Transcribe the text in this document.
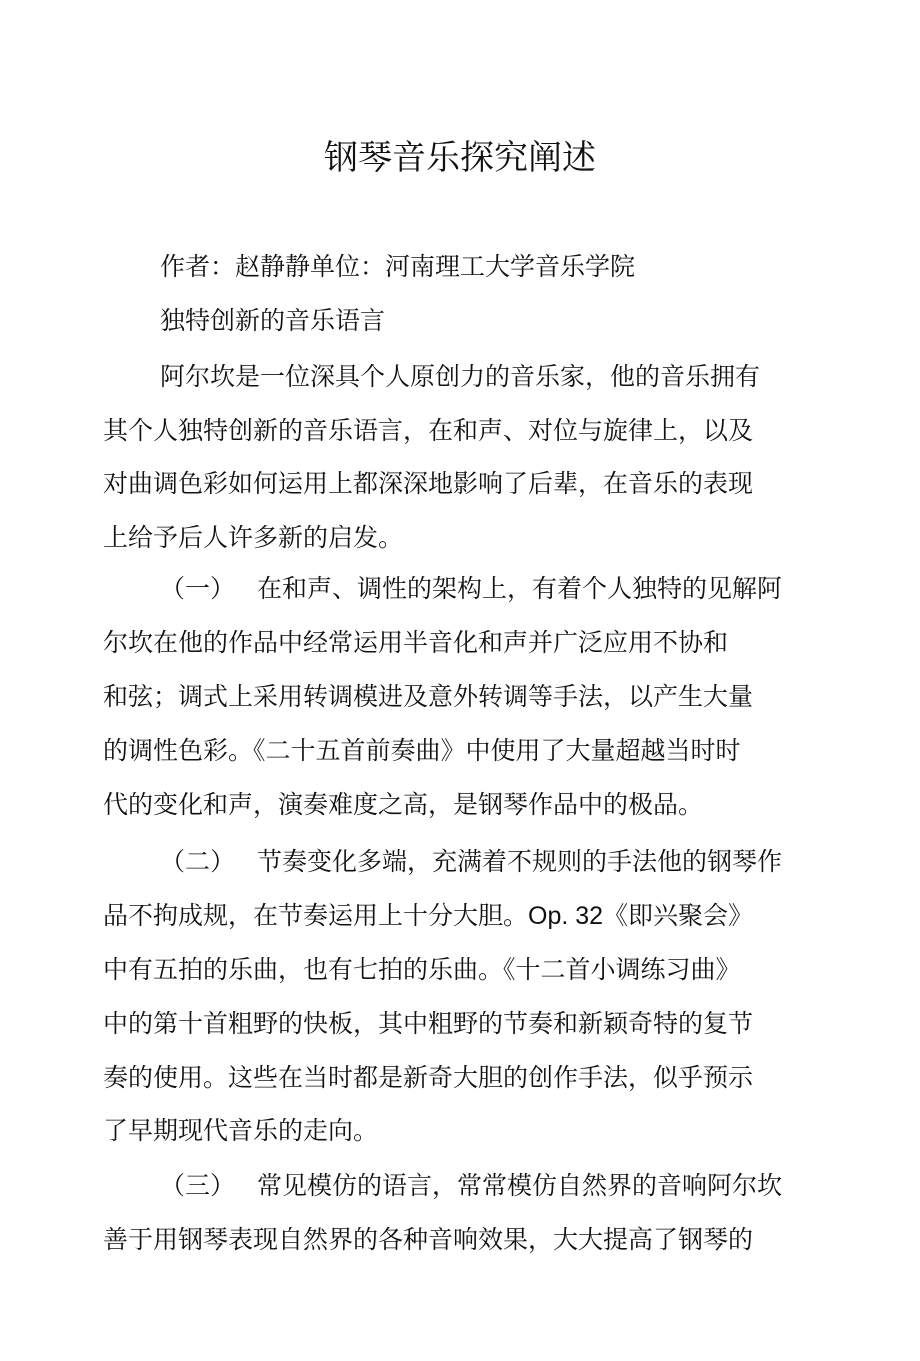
钢琴音乐探究阐述
作者：赵静静单位：河南理工大学音乐学院
独特创新的音乐语言
阿尔坎是一位深具个人原创力的音乐家，他的音乐拥有
其个人独特创新的音乐语言，在和声、对位与旋律上，以及
对曲调色彩如何运用上都深深地影响了后辈，在音乐的表现
上给予后人许多新的启发。
（一） 在和声、调性的架构上，有着个人独特的见解阿
尔坎在他的作品中经常运用半音化和声并广泛应用不协和
和弦；调式上采用转调模进及意外转调等手法，以产生大量
的调性色彩。《二十五首前奏曲》中使用了大量超越当时时
代的变化和声，演奏难度之高，是钢琴作品中的极品。
（二） 节奏变化多端，充满着不规则的手法他的钢琴作
品不拘成规，在节奏运用上十分大胆。Op. 32《即兴聚会》
中有五拍的乐曲，也有七拍的乐曲。《十二首小调练习曲》
中的第十首粗野的快板，其中粗野的节奏和新颖奇特的复节
奏的使用。这些在当时都是新奇大胆的创作手法，似乎预示
了早期现代音乐的走向。
（三） 常见模仿的语言，常常模仿自然界的音响阿尔坎
善于用钢琴表现自然界的各种音响效果，大大提高了钢琴的
